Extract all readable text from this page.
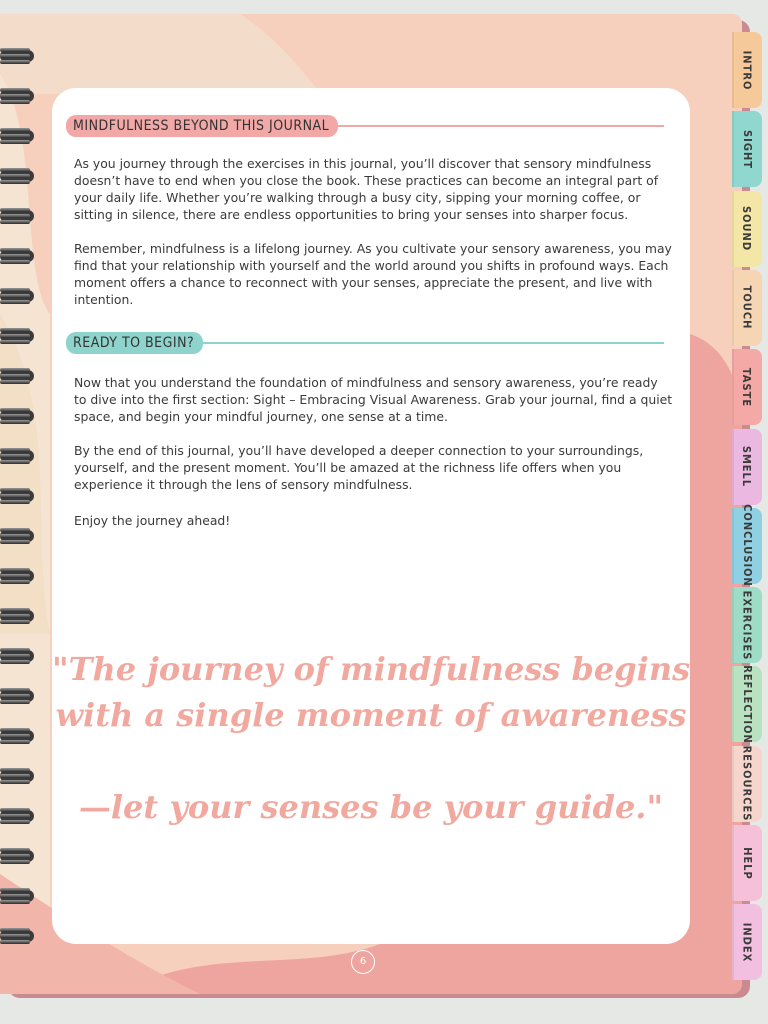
INTRO
SIGHT
SOUND
TOUCH
TASTE
SMELL
CONCLUSION
EXERCISES
REFLECTION
RESOURCES
HELP
INDEX
MINDFULNESS BEYOND THIS JOURNAL

As you journey through the exercises in this journal, you’ll discover that sensory mindfulness doesn’t have to end when you close the book. These practices can become an integral part of your daily life. Whether you’re walking through a busy city, sipping your morning coffee, or sitting in silence, there are endless opportunities to bring your senses into sharper focus.

Remember, mindfulness is a lifelong journey. As you cultivate your sensory awareness, you may find that your relationship with yourself and the world around you shifts in profound ways. Each moment offers a chance to reconnect with your senses, appreciate the present, and live with intention.

READY TO BEGIN?

Now that you understand the foundation of mindfulness and sensory awareness, you’re ready to dive into the first section: Sight – Embracing Visual Awareness. Grab your journal, find a quiet space, and begin your mindful journey, one sense at a time.

By the end of this journal, you’ll have developed a deeper connection to your surroundings, yourself, and the present moment. You’ll be amazed at the richness life offers when you experience it through the lens of sensory mindfulness.

Enjoy the journey ahead!

"The journey of mindfulness begins

with a single moment of awareness

—let your senses be your guide."

6
